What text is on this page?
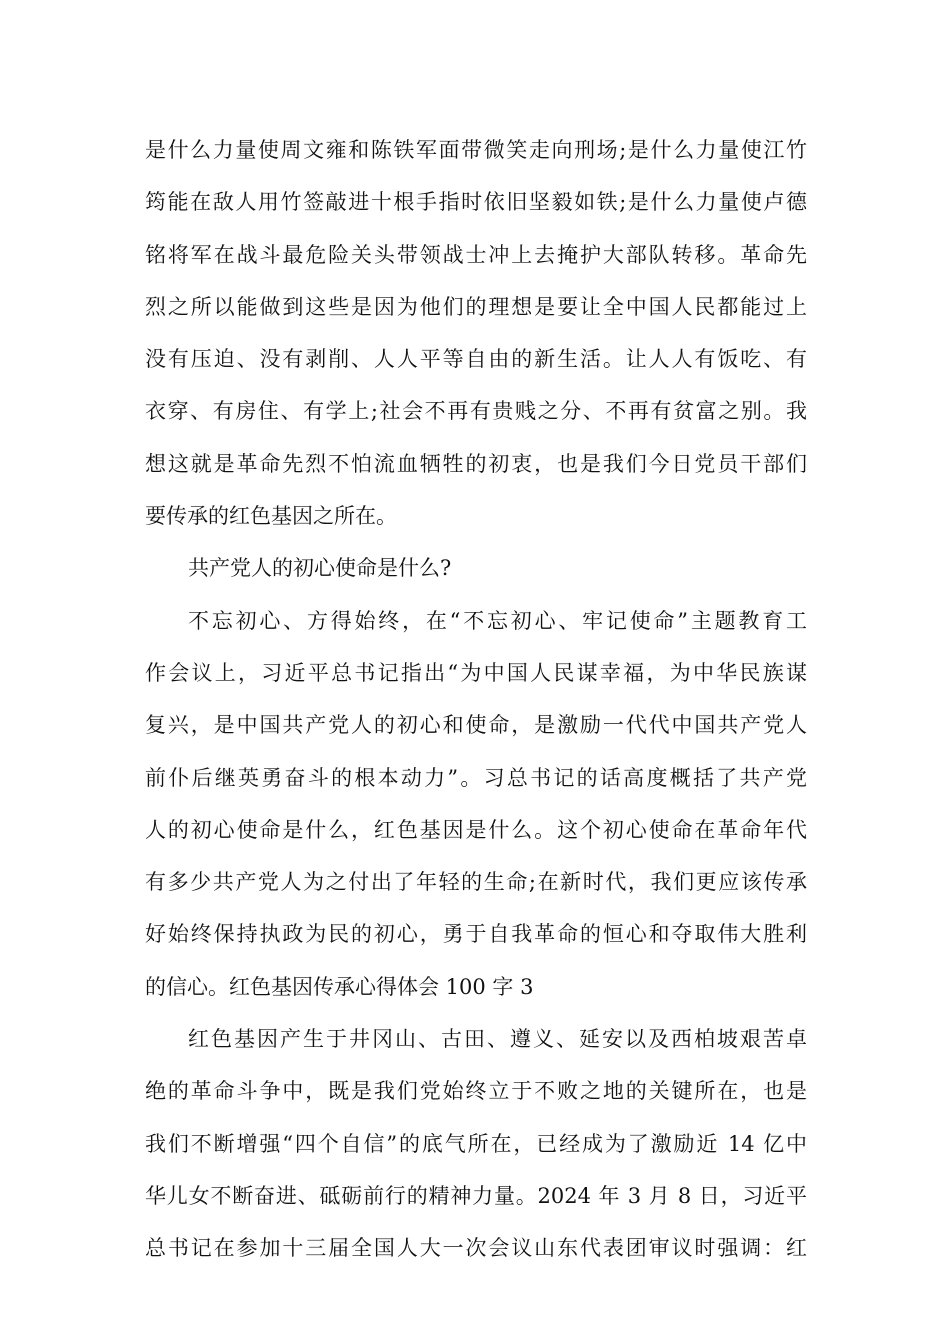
是什么力量使周文雍和陈铁军面带微笑走向刑场;是什么力量使江竹
筠能在敌人用竹签敲进十根手指时依旧坚毅如铁;是什么力量使卢德
铭将军在战斗最危险关头带领战士冲上去掩护大部队转移。革命先
烈之所以能做到这些是因为他们的理想是要让全中国人民都能过上
没有压迫、没有剥削、人人平等自由的新生活。让人人有饭吃、有
衣穿、有房住、有学上;社会不再有贵贱之分、不再有贫富之别。我
想这就是革命先烈不怕流血牺牲的初衷，也是我们今日党员干部们
要传承的红色基因之所在。
共产党人的初心使命是什么?
不忘初心、方得始终，在“不忘初心、牢记使命”主题教育工
作会议上，习近平总书记指出“为中国人民谋幸福，为中华民族谋
复兴，是中国共产党人的初心和使命，是激励一代代中国共产党人
前仆后继英勇奋斗的根本动力”。习总书记的话高度概括了共产党
人的初心使命是什么，红色基因是什么。这个初心使命在革命年代
有多少共产党人为之付出了年轻的生命;在新时代，我们更应该传承
好始终保持执政为民的初心，勇于自我革命的恒心和夺取伟大胜利
的信心。红色基因传承心得体会 100 字 3
红色基因产生于井冈山、古田、遵义、延安以及西柏坡艰苦卓
绝的革命斗争中，既是我们党始终立于不败之地的关键所在，也是
我们不断增强“四个自信”的底气所在，已经成为了激励近 14 亿中
华儿女不断奋进、砥砺前行的精神力量。2024 年 3 月 8 日，习近平
总书记在参加十三届全国人大一次会议山东代表团审议时强调：红
